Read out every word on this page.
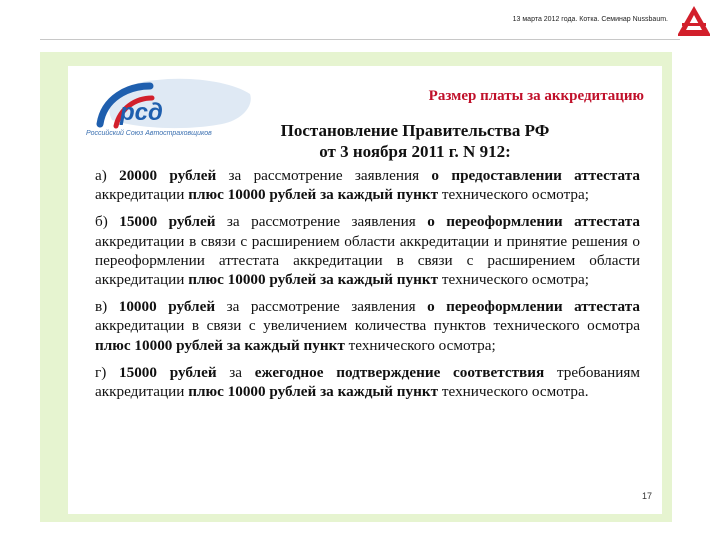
13 марта 2012 года. Котка. Семинар Nussbaum.
рсд
Российский Союз Автостраховщиков
Размер платы за аккредитацию
Постановление Правительства РФ
от 3 ноября 2011 г. N 912:

а) 20000 рублей за рассмотрение заявления о предоставлении аттестата аккредитации плюс 10000 рублей за каждый пункт технического осмотра;

б) 15000 рублей за рассмотрение заявления о переоформлении аттестата аккредитации в связи с расширением области аккредитации и принятие решения о переоформлении аттестата аккредитации в связи с расширением области аккредитации плюс 10000 рублей за каждый пункт технического осмотра;

в) 10000 рублей за рассмотрение заявления о переоформлении аттестата аккредитации в связи с увеличением количества пунктов технического осмотра плюс 10000 рублей за каждый пункт технического осмотра;

г) 15000 рублей за ежегодное подтверждение соответствия требованиям аккредитации плюс 10000 рублей за каждый пункт технического осмотра.

17
